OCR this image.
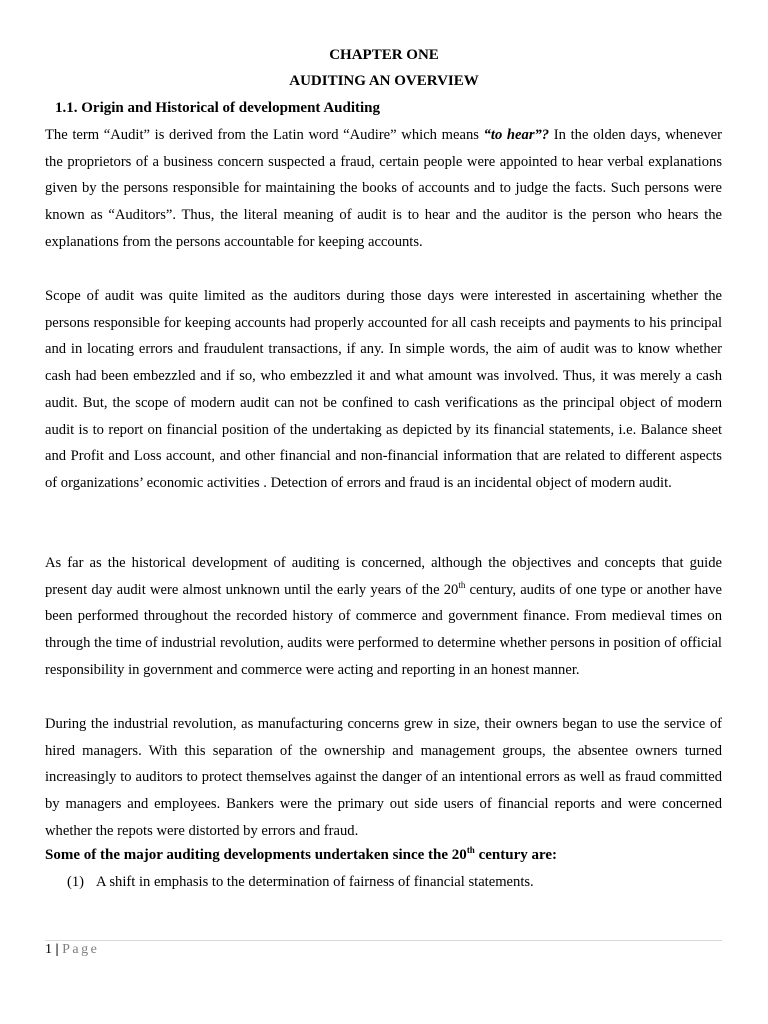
CHAPTER ONE
AUDITING AN OVERVIEW
1.1. Origin and Historical of development Auditing

The term “Audit” is derived from the Latin word “Audire” which means “to hear”? In the olden days, whenever the proprietors of a business concern suspected a fraud, certain people were appointed to hear verbal explanations given by the persons responsible for maintaining the books of accounts and to judge the facts. Such persons were known as “Auditors”. Thus, the literal meaning of audit is to hear and the auditor is the person who hears the explanations from the persons accountable for keeping accounts.

Scope of audit was quite limited as the auditors during those days were interested in ascertaining whether the persons responsible for keeping accounts had properly accounted for all cash receipts and payments to his principal and in locating errors and fraudulent transactions, if any. In simple words, the aim of audit was to know whether cash had been embezzled and if so, who embezzled it and what amount was involved. Thus, it was merely a cash audit. But, the scope of modern audit can not be confined to cash verifications as the principal object of modern audit is to report on financial position of the undertaking as depicted by its financial statements, i.e. Balance sheet and Profit and Loss account, and other financial and non-financial information that are related to different aspects of organizations’ economic activities . Detection of errors and fraud is an incidental object of modern audit.

As far as the historical development of auditing is concerned, although the objectives and concepts that guide present day audit were almost unknown until the early years of the 20th century, audits of one type or another have been performed throughout the recorded history of commerce and government finance. From medieval times on through the time of industrial revolution, audits were performed to determine whether persons in position of official responsibility in government and commerce were acting and reporting in an honest manner.

During the industrial revolution, as manufacturing concerns grew in size, their owners began to use the service of hired managers. With this separation of the ownership and management groups, the absentee owners turned increasingly to auditors to protect themselves against the danger of an intentional errors as well as fraud committed by managers and employees. Bankers were the primary out side users of financial reports and were concerned whether the repots were distorted by errors and fraud.

Some of the major auditing developments undertaken since the 20th century are:
(1) A shift in emphasis to the determination of fairness of financial statements.
1 | Page
